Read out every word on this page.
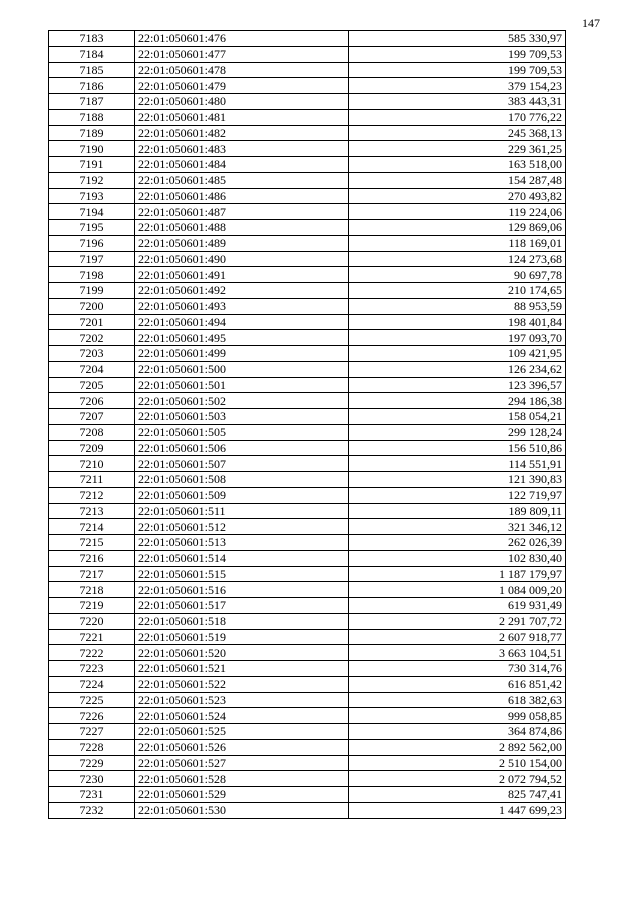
147
7183	22:01:050601:476	585 330,97
7184	22:01:050601:477	199 709,53
7185	22:01:050601:478	199 709,53
7186	22:01:050601:479	379 154,23
7187	22:01:050601:480	383 443,31
7188	22:01:050601:481	170 776,22
7189	22:01:050601:482	245 368,13
7190	22:01:050601:483	229 361,25
7191	22:01:050601:484	163 518,00
7192	22:01:050601:485	154 287,48
7193	22:01:050601:486	270 493,82
7194	22:01:050601:487	119 224,06
7195	22:01:050601:488	129 869,06
7196	22:01:050601:489	118 169,01
7197	22:01:050601:490	124 273,68
7198	22:01:050601:491	90 697,78
7199	22:01:050601:492	210 174,65
7200	22:01:050601:493	88 953,59
7201	22:01:050601:494	198 401,84
7202	22:01:050601:495	197 093,70
7203	22:01:050601:499	109 421,95
7204	22:01:050601:500	126 234,62
7205	22:01:050601:501	123 396,57
7206	22:01:050601:502	294 186,38
7207	22:01:050601:503	158 054,21
7208	22:01:050601:505	299 128,24
7209	22:01:050601:506	156 510,86
7210	22:01:050601:507	114 551,91
7211	22:01:050601:508	121 390,83
7212	22:01:050601:509	122 719,97
7213	22:01:050601:511	189 809,11
7214	22:01:050601:512	321 346,12
7215	22:01:050601:513	262 026,39
7216	22:01:050601:514	102 830,40
7217	22:01:050601:515	1 187 179,97
7218	22:01:050601:516	1 084 009,20
7219	22:01:050601:517	619 931,49
7220	22:01:050601:518	2 291 707,72
7221	22:01:050601:519	2 607 918,77
7222	22:01:050601:520	3 663 104,51
7223	22:01:050601:521	730 314,76
7224	22:01:050601:522	616 851,42
7225	22:01:050601:523	618 382,63
7226	22:01:050601:524	999 058,85
7227	22:01:050601:525	364 874,86
7228	22:01:050601:526	2 892 562,00
7229	22:01:050601:527	2 510 154,00
7230	22:01:050601:528	2 072 794,52
7231	22:01:050601:529	825 747,41
7232	22:01:050601:530	1 447 699,23
